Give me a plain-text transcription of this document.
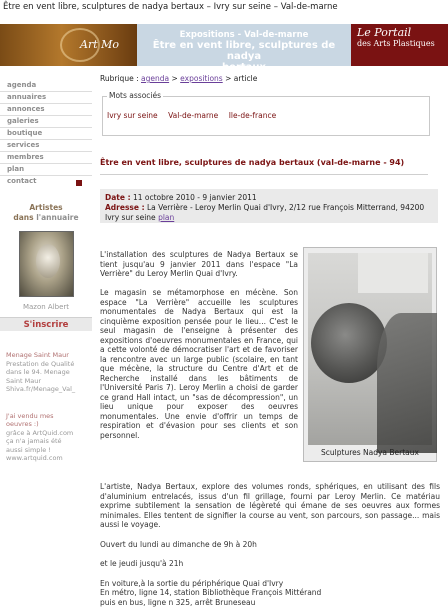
Être en vent libre, sculptures de nadya bertaux – Ivry sur seine – Val-de-marne
Art Mo
Expositions - Val-de-marne
Être en vent libre, sculptures de nadya
bertaux
Le Portail
des Arts Plastiques
agenda
annuaires
annonces
galeries
boutique
services
membres
plan
contact
Artistes
dans l'annuaire
Mazon Albert
S'inscrire
Menage Saint Maur
Prestation de Qualité
dans le 94. Menage
Saint Maur
Shiva.fr/Menage_Val_
J'ai vendu mes
oeuvres :)
grâce à ArtQuid.com
ça n'a jamais été
aussi simple !
www.artquid.com
Rubrique : agenda > expositions > article
Mots associés
Ivry sur seine Val-de-marne Ile-de-france
Être en vent libre, sculptures de nadya bertaux (val-de-marne - 94)
Date : 11 octobre 2010 - 9 janvier 2011
Adresse : La Verrière - Leroy Merlin Quai d'Ivry, 2/12 rue François Mitterrand, 94200 Ivry sur seine plan

L'installation des sculptures de Nadya Bertaux se tient jusqu'au 9 janvier 2011 dans l'espace "La Verrière" du Leroy Merlin Quai d'Ivry.

Le magasin se métamorphose en mécène. Son espace "La Verrière" accueille les sculptures monumentales de Nadya Bertaux qui est la cinquième exposition pensée pour le lieu... C'est le seul magasin de l'enseigne à présenter des expositions d'oeuvres monumentales en France, qui a cette volonté de démocratiser l'art et de favoriser la rencontre avec un large public (scolaire, en tant que mécène, la structure du Centre d'Art et de Recherche installé dans les bâtiments de l'Université Paris 7). Leroy Merlin a choisi de garder ce grand Hall intact, un "sas de décompression", un lieu unique pour exposer des oeuvres monumentales. Une envie d'offrir un temps de respiration et d'évasion pour ses clients et son personnel.

Sculptures Nadya Bertaux

L'artiste, Nadya Bertaux, explore des volumes ronds, sphériques, en utilisant des fils d'aluminium entrelacés, issus d'un fil grillage, fourni par Leroy Merlin. Ce matériau exprime subtilement la sensation de légèreté qui émane de ses oeuvres aux formes minimales. Elles tentent de signifier la course au vent, son parcours, son passage... mais aussi le voyage.

Ouvert du lundi au dimanche de 9h à 20h

et le jeudi jusqu'à 21h

En voiture,à la sortie du périphérique Quai d'Ivry
En métro, ligne 14, station Bibliothèque François Mittérand
puis en bus, ligne n 325, arrêt Bruneseau
